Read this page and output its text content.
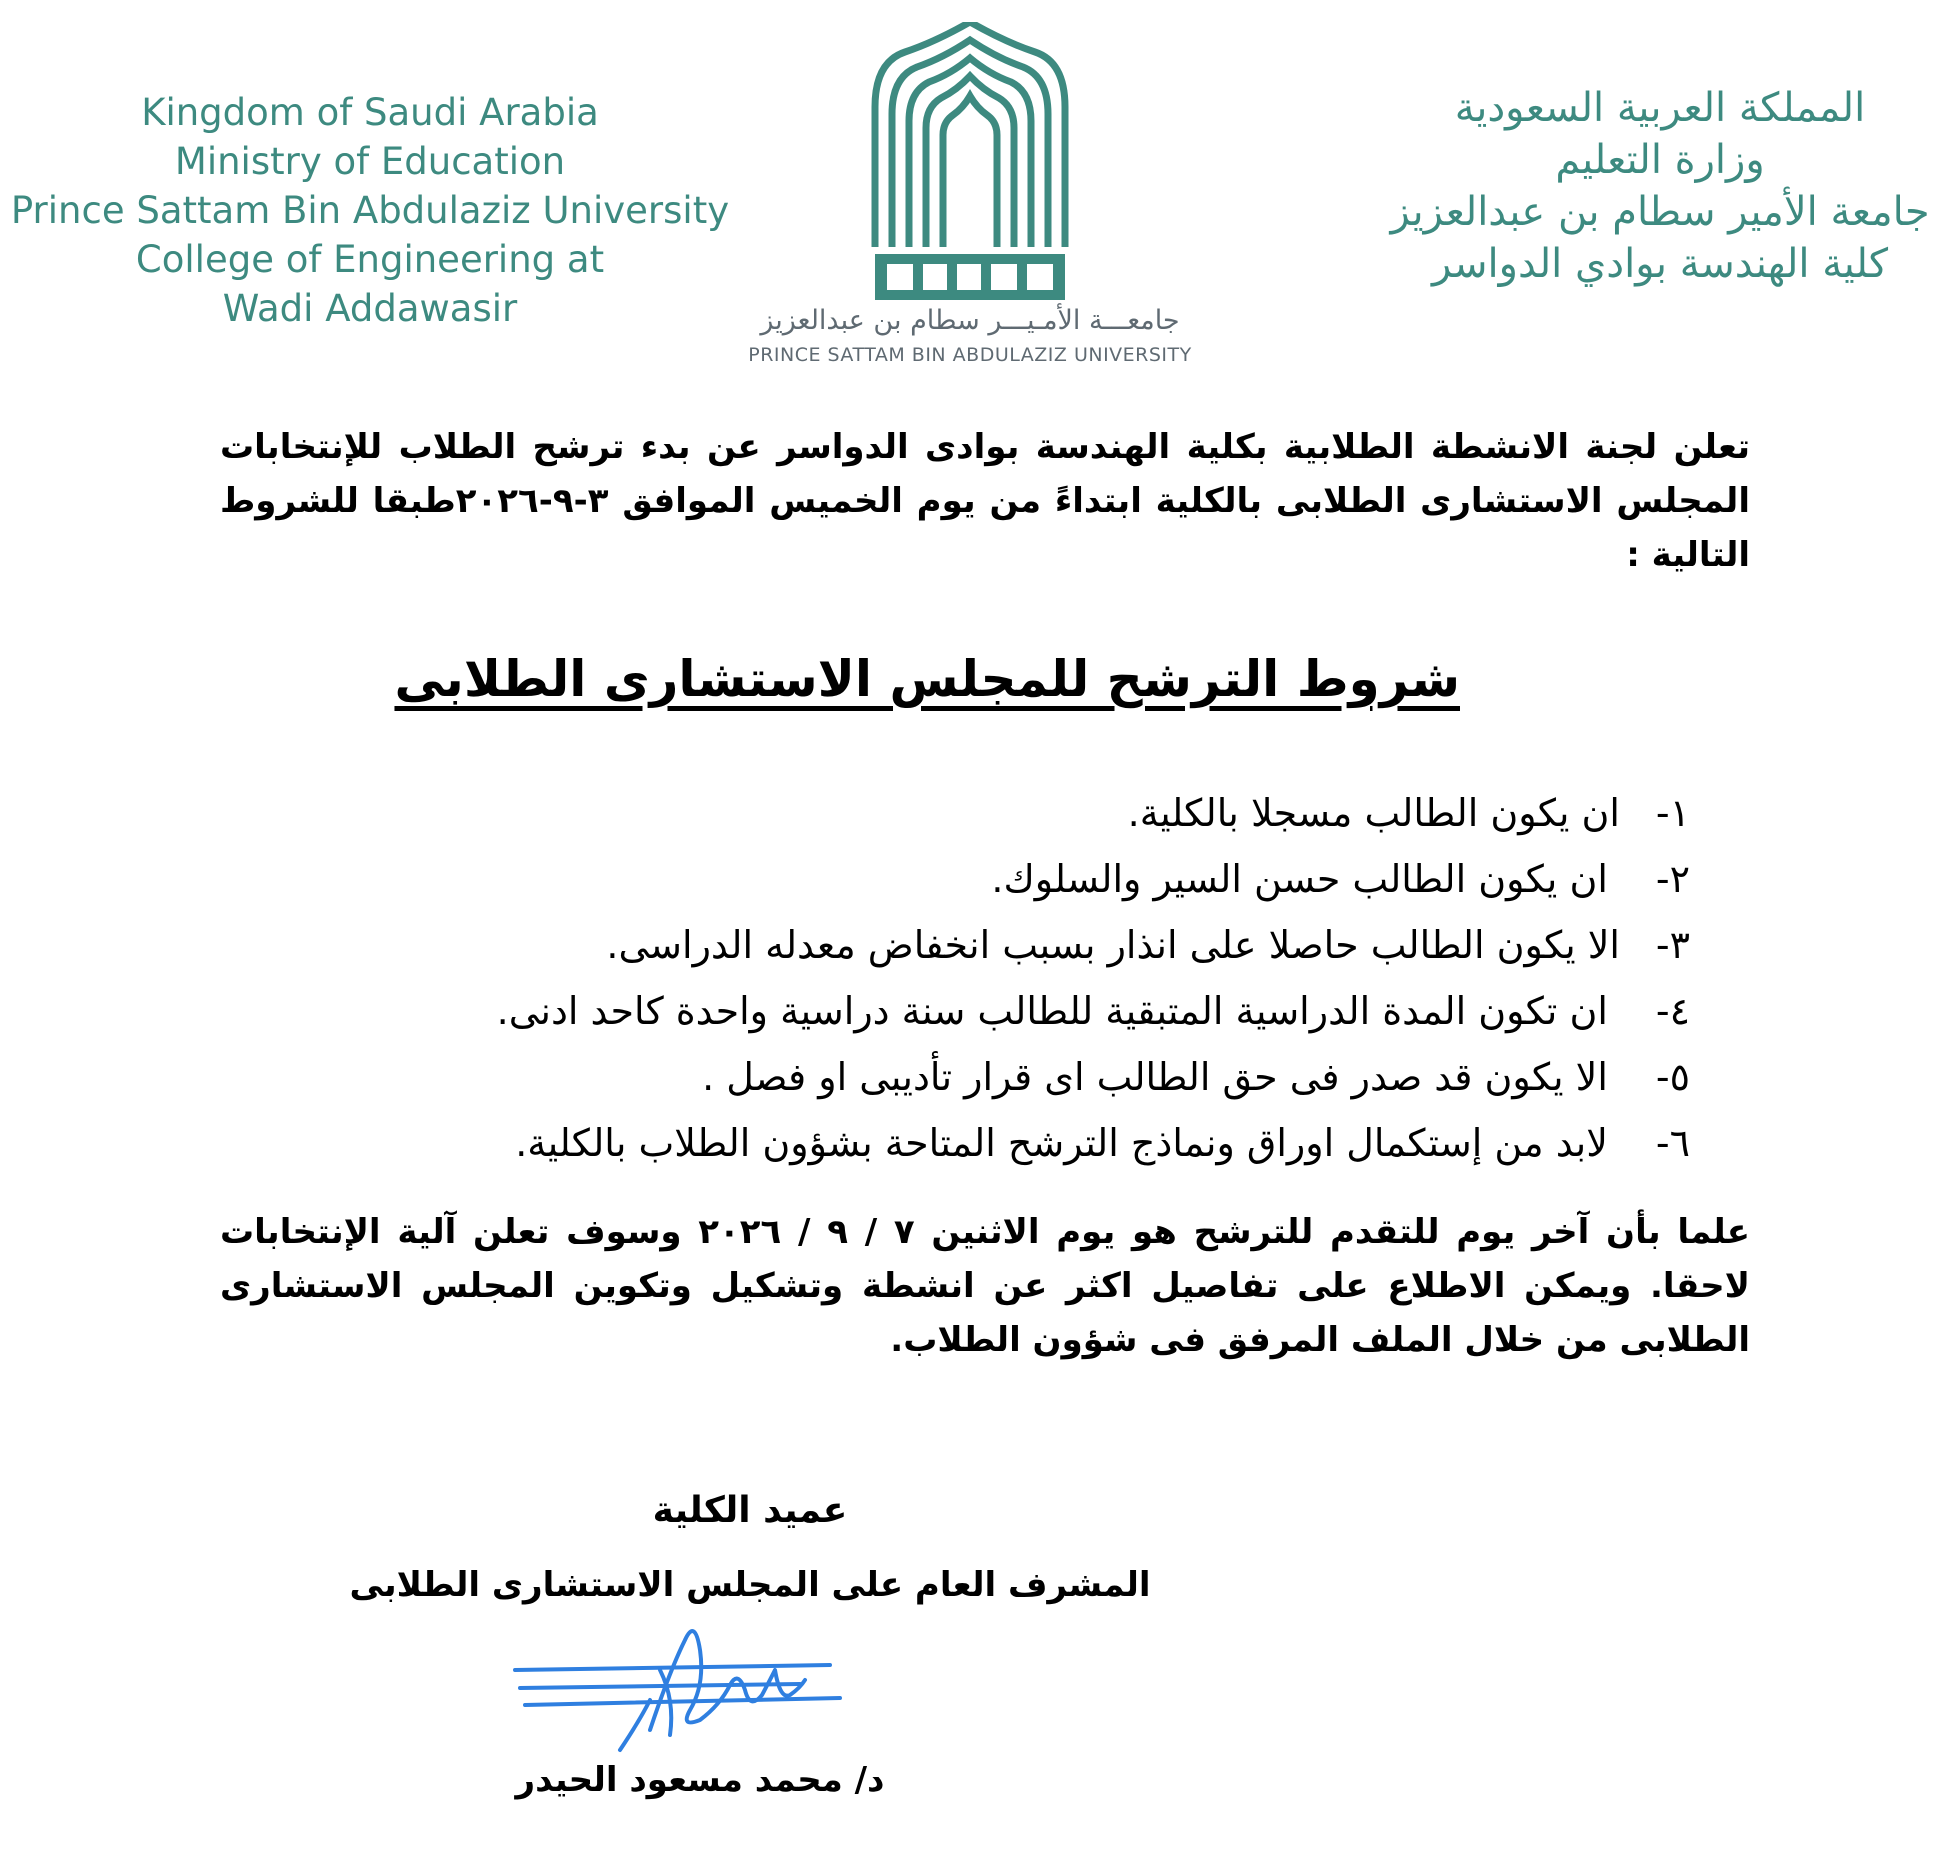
Kingdom of Saudi Arabia
Ministry of Education
Prince Sattam Bin Abdulaziz University
College of Engineering at
Wadi Addawasir	جامعـــة الأمـيـــر سطام بن عبدالعزيز
PRINCE SATTAM BIN ABDULAZIZ UNIVERSITY
المملكة العربية السعودية
وزارة التعليم
جامعة الأمير سطام بن عبدالعزيز
كلية الهندسة بوادي الدواسر
تعلن لجنة الانشطة الطلابية بكلية الهندسة بوادى الدواسر عن بدء ترشح الطلاب للإنتخابات المجلس الاستشارى الطلابى بالكلية ابتداءً من يوم الخميس الموافق ٣-٩-٢٠٢٦طبقا للشروط التالية :
شروط الترشح للمجلس الاستشارى الطلابى
١-ان يكون الطالب مسجلا بالكلية.
٢- ان يكون الطالب حسن السير والسلوك.
٣-الا يكون الطالب حاصلا على انذار بسبب انخفاض معدله الدراسى.
٤- ان تكون المدة الدراسية المتبقية للطالب سنة دراسية واحدة كاحد ادنى.
٥- الا يكون قد صدر فى حق الطالب اى قرار تأديبى او فصل .
٦- لابد من إستكمال اوراق ونماذج الترشح المتاحة بشؤون الطلاب بالكلية.
علما بأن آخر يوم للتقدم للترشح هو يوم الاثنين ٧ / ٩ / ٢٠٢٦ وسوف تعلن آلية الإنتخابات لاحقا. ويمكن الاطلاع على تفاصيل اكثر عن انشطة وتشكيل وتكوين المجلس الاستشارى الطلابى من خلال الملف المرفق فى شؤون الطلاب.
عميد الكلية
المشرف العام على المجلس الاستشارى الطلابى
د/ محمد مسعود الحيدر
